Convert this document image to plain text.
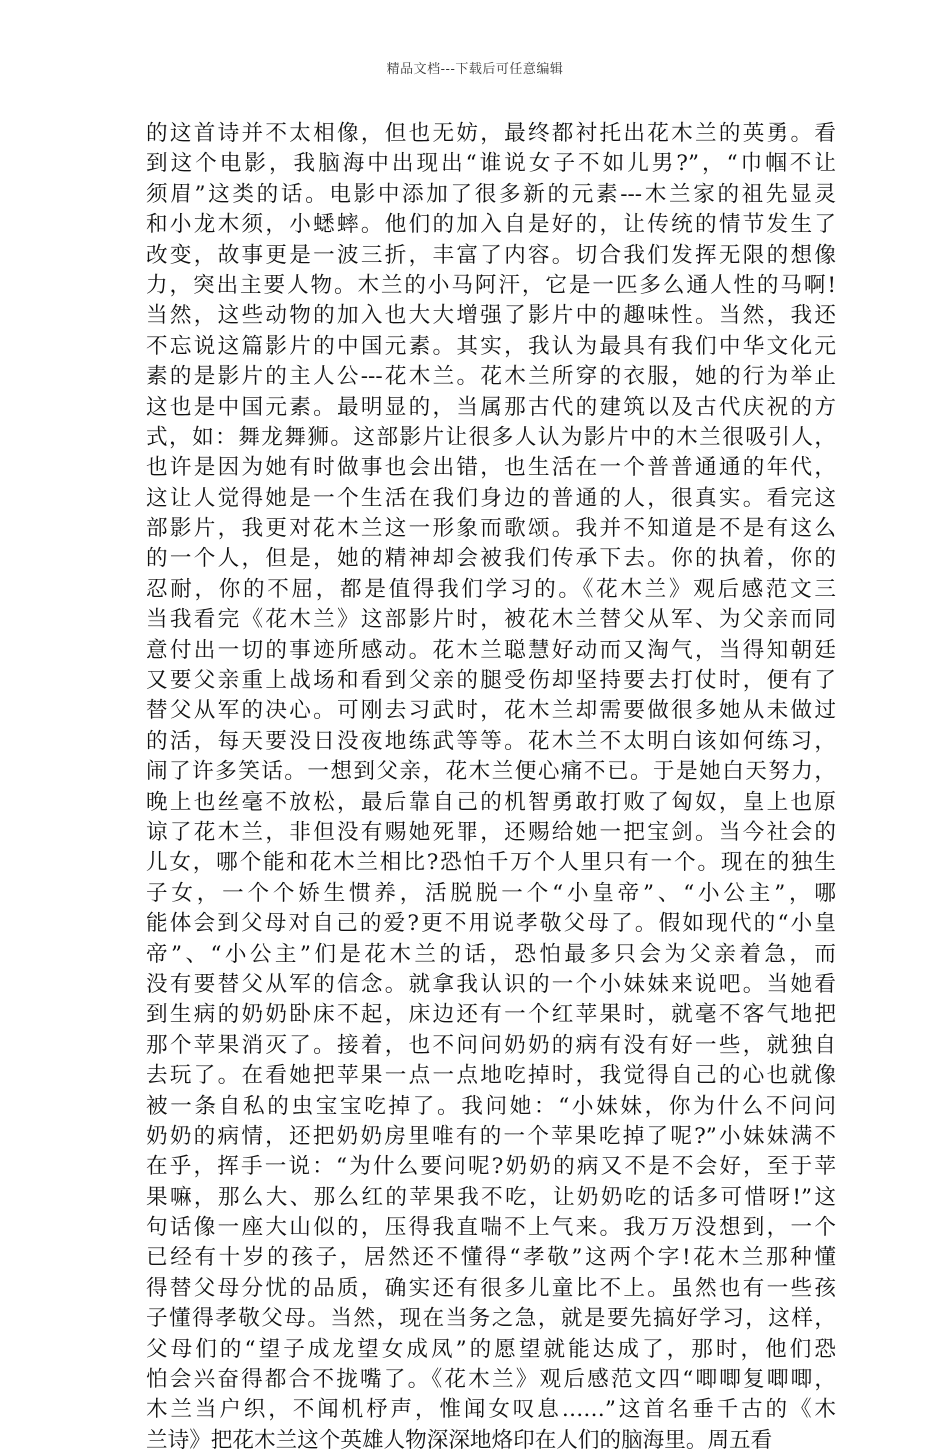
精品文档---下载后可任意编辑
的这首诗并不太相像，但也无妨，最终都衬托出花木兰的英勇。看
到这个电影，我脑海中出现出“谁说女子不如儿男?”，“巾帼不让
须眉”这类的话。电影中添加了很多新的元素---木兰家的祖先显灵
和小龙木须，小蟋蟀。他们的加入自是好的，让传统的情节发生了
改变，故事更是一波三折，丰富了内容。切合我们发挥无限的想像
力，突出主要人物。木兰的小马阿汗，它是一匹多么通人性的马啊!
当然，这些动物的加入也大大增强了影片中的趣味性。当然，我还
不忘说这篇影片的中国元素。其实，我认为最具有我们中华文化元
素的是影片的主人公---花木兰。花木兰所穿的衣服，她的行为举止
这也是中国元素。最明显的，当属那古代的建筑以及古代庆祝的方
式，如：舞龙舞狮。这部影片让很多人认为影片中的木兰很吸引人，
也许是因为她有时做事也会出错，也生活在一个普普通通的年代，
这让人觉得她是一个生活在我们身边的普通的人，很真实。看完这
部影片，我更对花木兰这一形象而歌颂。我并不知道是不是有这么
的一个人，但是，她的精神却会被我们传承下去。你的执着，你的
忍耐，你的不屈，都是值得我们学习的。《花木兰》观后感范文三
当我看完《花木兰》这部影片时，被花木兰替父从军、为父亲而同
意付出一切的事迹所感动。花木兰聪慧好动而又淘气，当得知朝廷
又要父亲重上战场和看到父亲的腿受伤却坚持要去打仗时，便有了
替父从军的决心。可刚去习武时，花木兰却需要做很多她从未做过
的活，每天要没日没夜地练武等等。花木兰不太明白该如何练习，
闹了许多笑话。一想到父亲，花木兰便心痛不已。于是她白天努力，
晚上也丝毫不放松，最后靠自己的机智勇敢打败了匈奴，皇上也原
谅了花木兰，非但没有赐她死罪，还赐给她一把宝剑。当今社会的
儿女，哪个能和花木兰相比?恐怕千万个人里只有一个。现在的独生
子女，一个个娇生惯养，活脱脱一个“小皇帝”、“小公主”，哪
能体会到父母对自己的爱?更不用说孝敬父母了。假如现代的“小皇
帝”、“小公主”们是花木兰的话，恐怕最多只会为父亲着急，而
没有要替父从军的信念。就拿我认识的一个小妹妹来说吧。当她看
到生病的奶奶卧床不起，床边还有一个红苹果时，就毫不客气地把
那个苹果消灭了。接着，也不问问奶奶的病有没有好一些，就独自
去玩了。在看她把苹果一点一点地吃掉时，我觉得自己的心也就像
被一条自私的虫宝宝吃掉了。我问她：“小妹妹，你为什么不问问
奶奶的病情，还把奶奶房里唯有的一个苹果吃掉了呢?”小妹妹满不
在乎，挥手一说：“为什么要问呢?奶奶的病又不是不会好，至于苹
果嘛，那么大、那么红的苹果我不吃，让奶奶吃的话多可惜呀!”这
句话像一座大山似的，压得我直喘不上气来。我万万没想到，一个
已经有十岁的孩子，居然还不懂得“孝敬”这两个字!花木兰那种懂
得替父母分忧的品质，确实还有很多儿童比不上。虽然也有一些孩
子懂得孝敬父母。当然，现在当务之急，就是要先搞好学习，这样，
父母们的“望子成龙望女成凤”的愿望就能达成了，那时，他们恐
怕会兴奋得都合不拢嘴了。《花木兰》观后感范文四“唧唧复唧唧，
木兰当户织，不闻机杼声，惟闻女叹息……”这首名垂千古的《木
兰诗》把花木兰这个英雄人物深深地烙印在人们的脑海里。周五看
